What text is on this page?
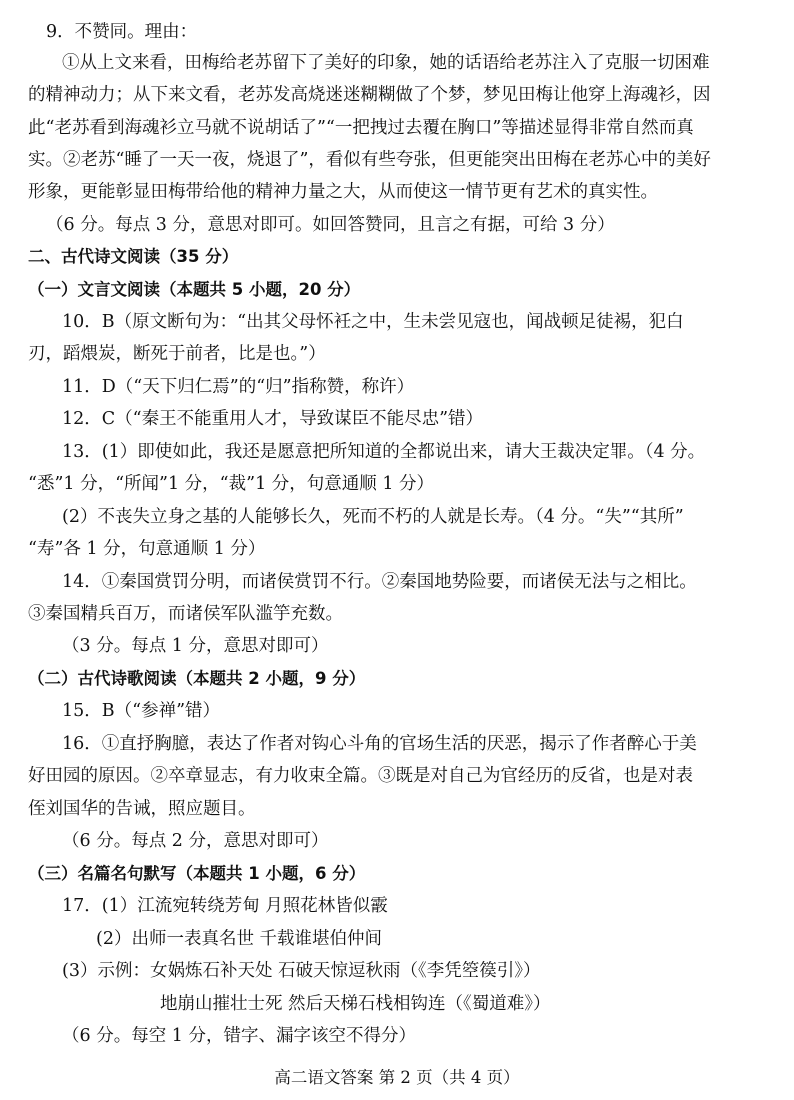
9．不赞同。理由：
①从上文来看，田梅给老苏留下了美好的印象，她的话语给老苏注入了克服一切困难
的精神动力；从下来文看，老苏发高烧迷迷糊糊做了个梦，梦见田梅让他穿上海魂衫，因
此“老苏看到海魂衫立马就不说胡话了”“一把拽过去覆在胸口”等描述显得非常自然而真
实。②老苏“睡了一天一夜，烧退了”，看似有些夸张，但更能突出田梅在老苏心中的美好
形象，更能彰显田梅带给他的精神力量之大，从而使这一情节更有艺术的真实性。
（6 分。每点 3 分，意思对即可。如回答赞同，且言之有据，可给 3 分）
二、古代诗文阅读（35 分）
（一）文言文阅读（本题共 5 小题，20 分）
10．B（原文断句为：“出其父母怀衽之中，生未尝见寇也，闻战顿足徒裼，犯白
刃，蹈煨炭，断死于前者，比是也。”）
11．D（“天下归仁焉”的“归”指称赞，称许）
12．C（“秦王不能重用人才，导致谋臣不能尽忠”错）
13．(1）即使如此，我还是愿意把所知道的全都说出来，请大王裁决定罪。（4 分。
“悉”1 分，“所闻”1 分，“裁”1 分，句意通顺 1 分）
(2）不丧失立身之基的人能够长久，死而不朽的人就是长寿。（4 分。“失”“其所”
“寿”各 1 分，句意通顺 1 分）
14．①秦国赏罚分明，而诸侯赏罚不行。②秦国地势险要，而诸侯无法与之相比。
③秦国精兵百万，而诸侯军队滥竽充数。
（3 分。每点 1 分，意思对即可）
（二）古代诗歌阅读（本题共 2 小题，9 分）
15．B（“参禅”错）
16．①直抒胸臆，表达了作者对钩心斗角的官场生活的厌恶，揭示了作者醉心于美
好田园的原因。②卒章显志，有力收束全篇。③既是对自己为官经历的反省，也是对表
侄刘国华的告诫，照应题目。
（6 分。每点 2 分，意思对即可）
（三）名篇名句默写（本题共 1 小题，6 分）
17．(1）江流宛转绕芳甸 月照花林皆似霰
(2）出师一表真名世 千载谁堪伯仲间
(3）示例：女娲炼石补天处 石破天惊逗秋雨（《李凭箜篌引》）
地崩山摧壮士死 然后天梯石栈相钩连（《蜀道难》）
（6 分。每空 1 分，错字、漏字该空不得分）
高二语文答案 第 2 页（共 4 页）
